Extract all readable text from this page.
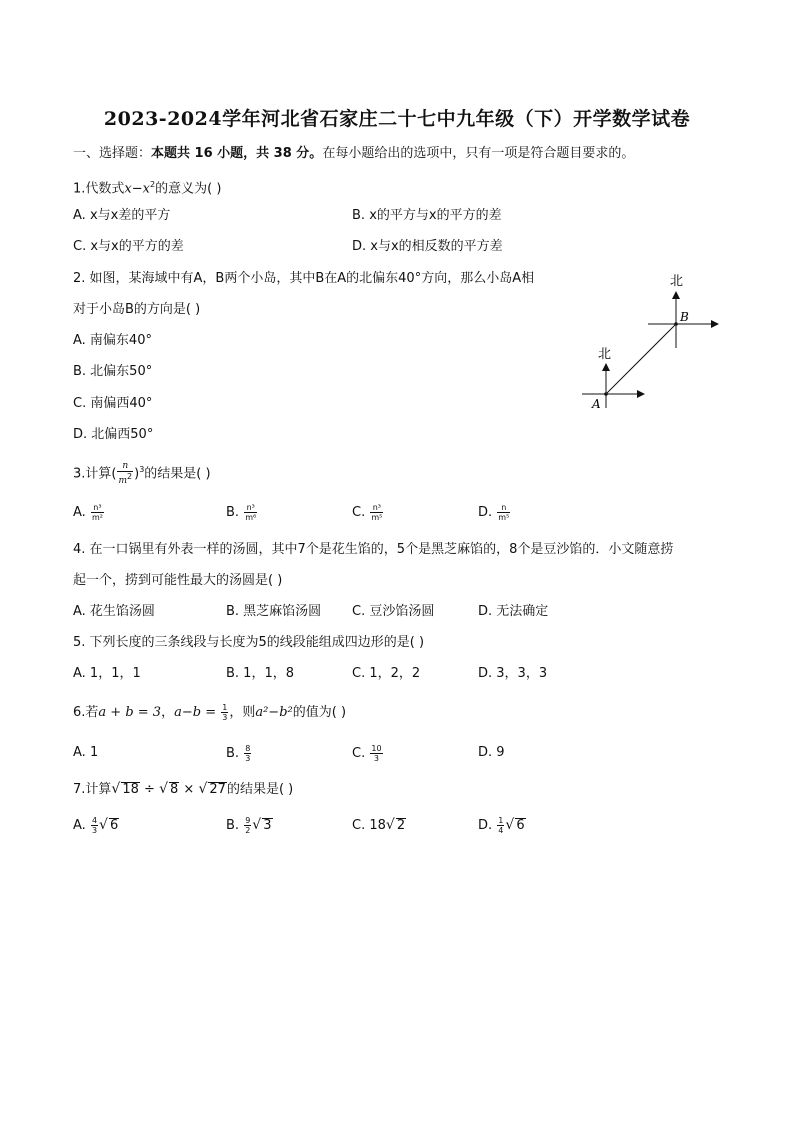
2023-2024学年河北省石家庄二十七中九年级（下）开学数学试卷
一、选择题：本题共 16 小题，共 38 分。在每小题给出的选项中，只有一项是符合题目要求的。
1.代数式$x-x^2$的意义为( )
A. x与x差的平方	B. x的平方与x的平方的差
C. x与x的平方的差	D. x与x的相反数的平方差
2. 如图，某海域中有A，B两个小岛，其中B在A的北偏东40°方向，那么小岛A相
对于小岛B的方向是( )
A. 南偏东40°
B. 北偏东50°
C. 南偏西40°
D. 北偏西50°
北
北
B
A
3.计算( $\frac{n}{m^2} )^3$的结果是( )
A. $\frac{\text{n³}}{\text{m²}}$	B. $\frac{\text{n³}}{\text{m⁶}}$	C. $\frac{\text{n³}}{\text{m⁵}}$	D. $\frac{n}{\text{m⁵}}$
4. 在一口锅里有外表一样的汤圆，其中7个是花生馅的，5个是黑芝麻馅的，8个是豆沙馅的．小文随意捞
起一个，捞到可能性最大的汤圆是( )
A. 花生馅汤圆	B. 黑芝麻馅汤圆 C. 豆沙馅汤圆	D. 无法确定
5. 下列长度的三条线段与长度为5的线段能组成四边形的是( )
A. 1，1，1	B. 1，1，8	C. 1，2，2	D. 3，3，3
6.若a + b = 3，$a-b = \frac{1}{3}$ ，则a²−b²的值为( )
A. 1	B. $\frac{8}{3}$	C. $\frac{10}{3}$	D. 9
7.计算√ 18 ÷ √ 8 × √ 27的结果是( )
A. $\frac{4}{3}$ √ 6	B. $\frac{9}{2}$ √ 3	C. 18√ 2	D. $\frac{1}{4}$ √ 6
